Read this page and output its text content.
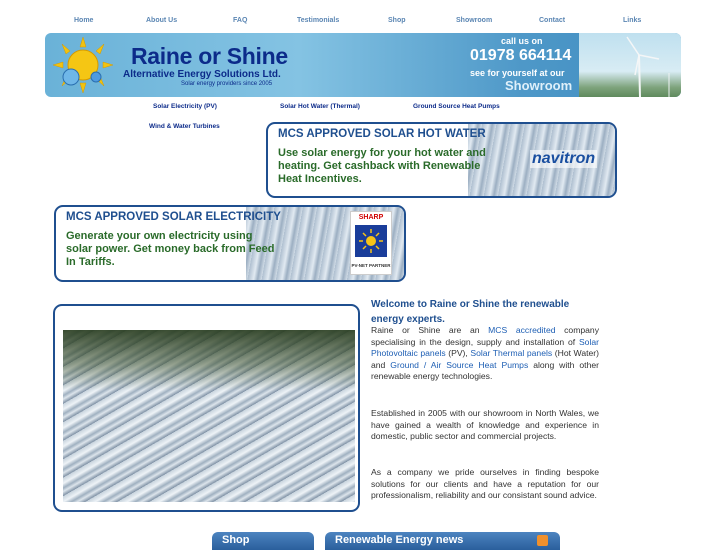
Home	About Us	FAQ	Testimonials	Shop	Showroom	Contact	Links
Raine or Shine
Alternative Energy Solutions Ltd.
Solar energy providers since 2005
call us on
01978 664114
see for yourself at our
Showroom
Solar Electricity (PV)	Solar Hot Water (Thermal)	Ground Source Heat Pumps
Wind & Water Turbines
MCS APPROVED SOLAR HOT WATER

Use solar energy for your hot water and heating. Get cashback with Renewable Heat Incentives.

navitron
MCS APPROVED SOLAR ELECTRICITY

Generate your own electricity using solar power. Get money back from Feed In Tariffs.

SHARP
PV-NET PARTNER
Welcome to Raine or Shine the renewable energy experts.

Raine or Shine are an MCS accredited company specialising in the design, supply and installation of Solar Photovoltaic panels (PV), Solar Thermal panels (Hot Water) and Ground / Air Source Heat Pumps along with other renewable energy technologies.

Established in 2005 with our showroom in North Wales, we have gained a wealth of knowledge and experience in domestic, public sector and commercial projects.

As a company we pride ourselves in finding bespoke solutions for our clients and have a reputation for our professionalism, reliability and our consistant sound advice.

Shop	Renewable Energy news
